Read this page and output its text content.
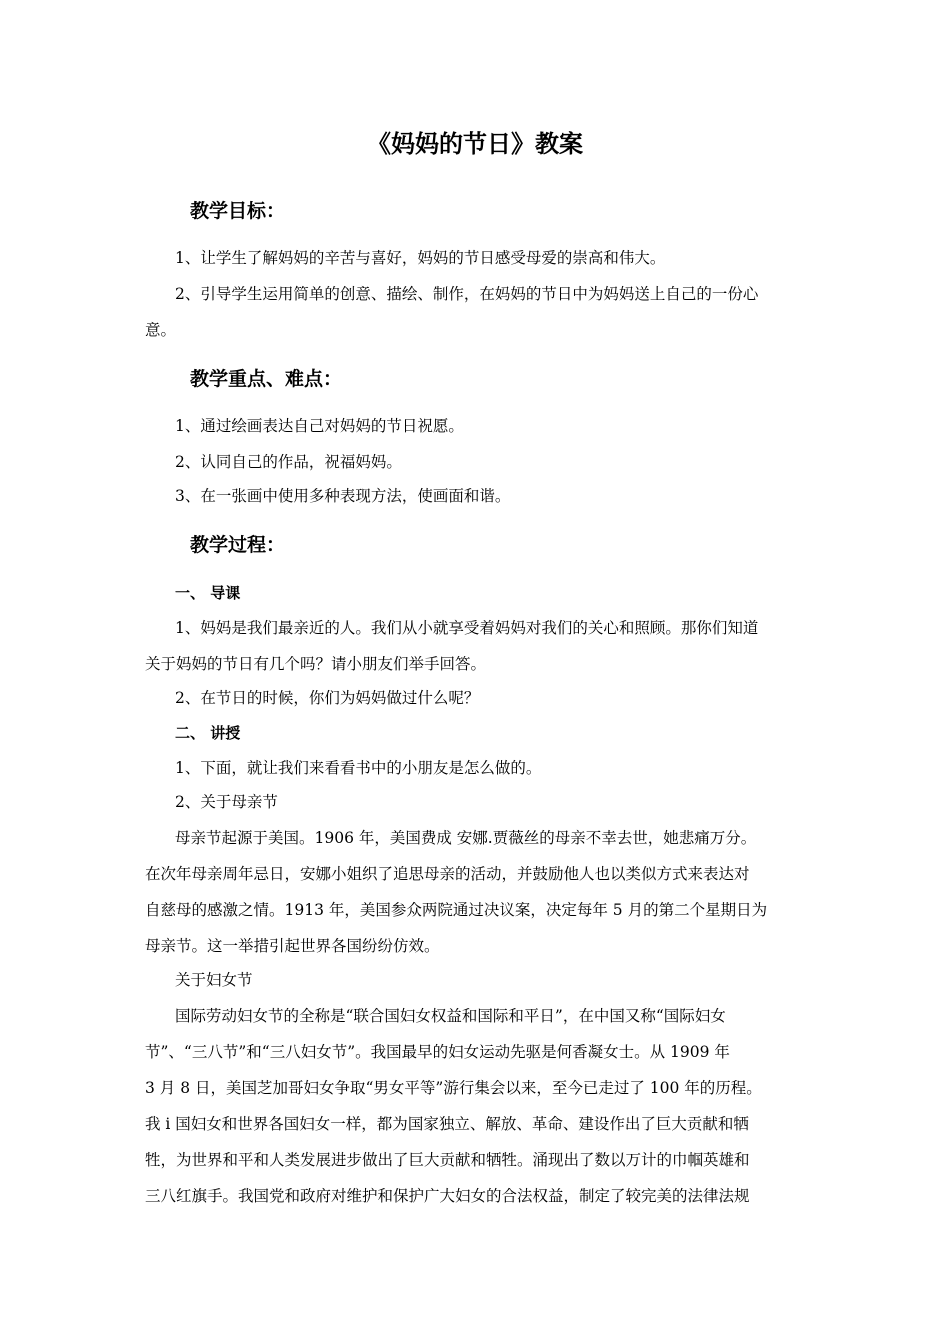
《妈妈的节日》教案
教学目标：
1、让学生了解妈妈的辛苦与喜好，妈妈的节日感受母爱的崇高和伟大。
2、引导学生运用简单的创意、描绘、制作，在妈妈的节日中为妈妈送上自己的一份心
意。
教学重点、难点：
1、通过绘画表达自己对妈妈的节日祝愿。
2、认同自己的作品，祝福妈妈。
3、在一张画中使用多种表现方法，使画面和谐。
教学过程：
一、 导课
1、妈妈是我们最亲近的人。我们从小就享受着妈妈对我们的关心和照顾。那你们知道
关于妈妈的节日有几个吗？请小朋友们举手回答。
2、在节日的时候，你们为妈妈做过什么呢？
二、 讲授
1、下面，就让我们来看看书中的小朋友是怎么做的。
2、关于母亲节
母亲节起源于美国。1906 年，美国费成 安娜.贾薇丝的母亲不幸去世，她悲痛万分。
在次年母亲周年忌日，安娜小姐织了追思母亲的活动，并鼓励他人也以类似方式来表达对
自慈母的感激之情。1913 年，美国参众两院通过决议案，决定每年 5 月的第二个星期日为
母亲节。这一举措引起世界各国纷纷仿效。
关于妇女节
国际劳动妇女节的全称是“联合国妇女权益和国际和平日”，在中国又称“国际妇女
节”、“三八节”和“三八妇女节”。我国最早的妇女运动先驱是何香凝女士。从 1909 年
3 月 8 日，美国芝加哥妇女争取“男女平等”游行集会以来，至今已走过了 100 年的历程。
我 i 国妇女和世界各国妇女一样，都为国家独立、解放、革命、建设作出了巨大贡献和牺
牲，为世界和平和人类发展进步做出了巨大贡献和牺牲。涌现出了数以万计的巾帼英雄和
三八红旗手。我国党和政府对维护和保护广大妇女的合法权益，制定了较完美的法律法规
